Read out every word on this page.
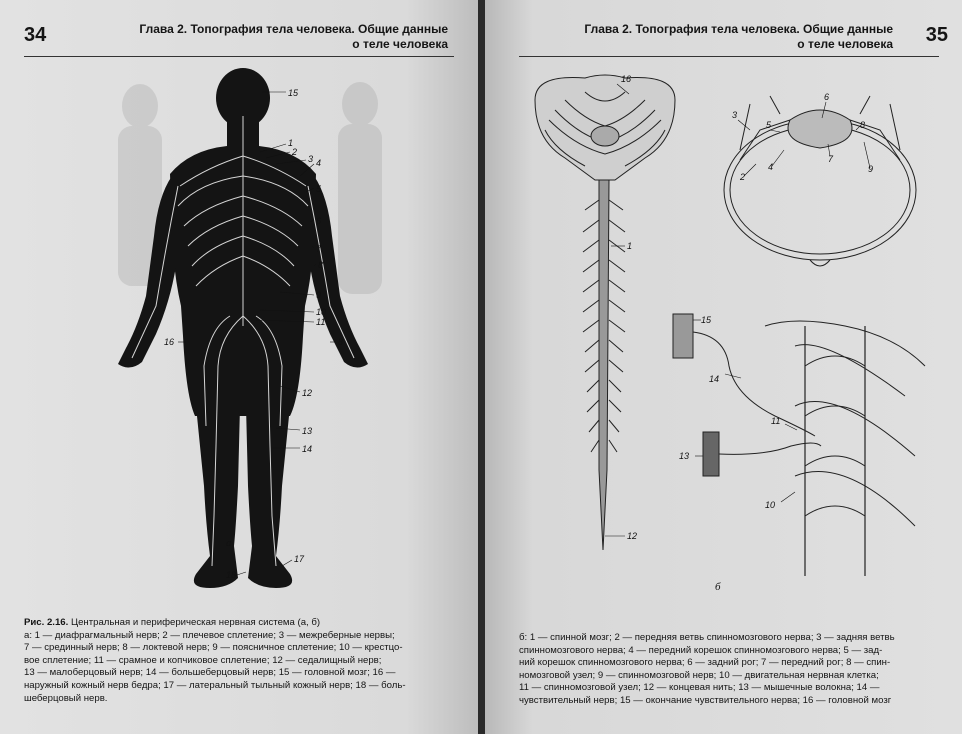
34	Глава 2. Топография тела человека. Общие данные
о теле человека
15
1
2
3 4
5
6
7
8
9
10
11
16	8
12
13
14
17
18
а
Рис. 2.16. Центральная и периферическая нервная система (а, б)
а: 1 — диафрагмальный нерв; 2 — плечевое сплетение; 3 — межреберные нервы;
7 — срединный нерв; 8 — локтевой нерв; 9 — поясничное сплетение; 10 — крестцо-
вое сплетение; 11 — срамное и копчиковое сплетение; 12 — седалищный нерв;
13 — малоберцовый нерв; 14 — большеберцовый нерв; 15 — головной мозг; 16 —
наружный кожный нерв бедра; 17 — латеральный тыльный кожный нерв; 18 — боль-
шеберцовый нерв.
Глава 2. Топография тела человека. Общие данные
о теле человека 35
16
1
12
3
5
6
8
4
7
9
2
15
14
11
13
10
б
б: 1 — спинной мозг; 2 — передняя ветвь спинномозгового нерва; 3 — задняя ветвь
спинномозгового нерва; 4 — передний корешок спинномозгового нерва; 5 — зад-
ний корешок спинномозгового нерва; 6 — задний рог; 7 — передний рог; 8 — спин-
номозговой узел; 9 — спинномозговой нерв; 10 — двигательная нервная клетка;
11 — спинномозговой узел; 12 — концевая нить; 13 — мышечные волокна; 14 —
чувствительный нерв; 15 — окончание чувствительного нерва; 16 — головной мозг
